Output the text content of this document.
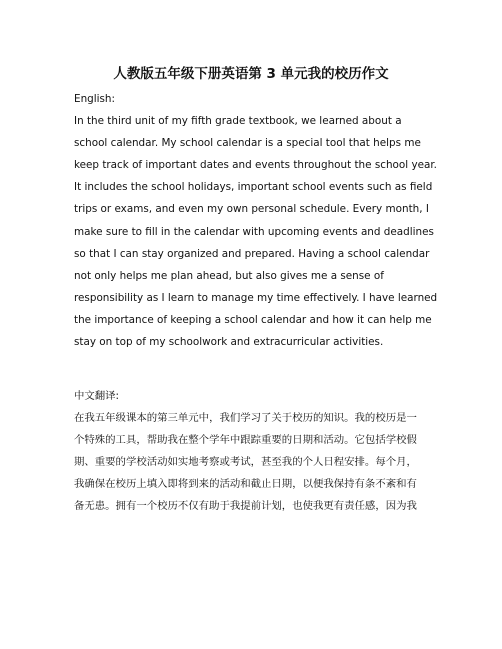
人教版五年级下册英语第 3 单元我的校历作文
English:
In the third unit of my fifth grade textbook, we learned about a
school calendar. My school calendar is a special tool that helps me
keep track of important dates and events throughout the school year.
It includes the school holidays, important school events such as field
trips or exams, and even my own personal schedule. Every month, I
make sure to fill in the calendar with upcoming events and deadlines
so that I can stay organized and prepared. Having a school calendar
not only helps me plan ahead, but also gives me a sense of
responsibility as I learn to manage my time effectively. I have learned
the importance of keeping a school calendar and how it can help me
stay on top of my schoolwork and extracurricular activities.
中文翻译:
在我五年级课本的第三单元中，我们学习了关于校历的知识。我的校历是一
个特殊的工具，帮助我在整个学年中跟踪重要的日期和活动。它包括学校假
期、重要的学校活动如实地考察或考试，甚至我的个人日程安排。每个月，
我确保在校历上填入即将到来的活动和截止日期，以便我保持有条不紊和有
备无患。拥有一个校历不仅有助于我提前计划，也使我更有责任感，因为我
